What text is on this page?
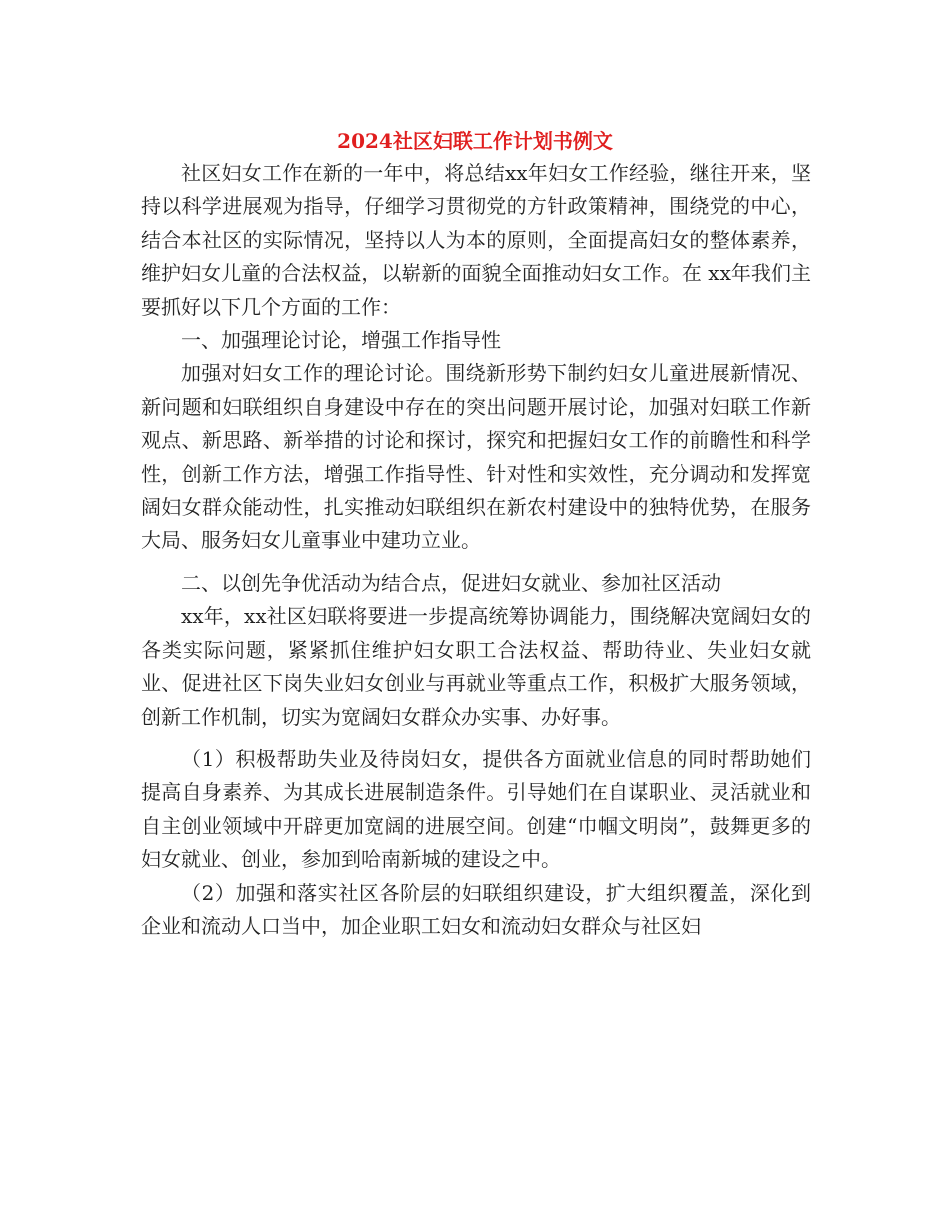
2024社区妇联工作计划书例文

社区妇女工作在新的一年中，将总结xx年妇女工作经验，继往开来，坚持以科学进展观为指导，仔细学习贯彻党的方针政策精神，围绕党的中心，结合本社区的实际情况，坚持以人为本的原则，全面提高妇女的整体素养，维护妇女儿童的合法权益，以崭新的面貌全面推动妇女工作。在 xx年我们主要抓好以下几个方面的工作：

一、加强理论讨论，增强工作指导性

加强对妇女工作的理论讨论。围绕新形势下制约妇女儿童进展新情况、新问题和妇联组织自身建设中存在的突出问题开展讨论，加强对妇联工作新观点、新思路、新举措的讨论和探讨，探究和把握妇女工作的前瞻性和科学性，创新工作方法，增强工作指导性、针对性和实效性，充分调动和发挥宽阔妇女群众能动性，扎实推动妇联组织在新农村建设中的独特优势，在服务大局、服务妇女儿童事业中建功立业。

二、以创先争优活动为结合点，促进妇女就业、参加社区活动

xx年，xx社区妇联将要进一步提高统筹协调能力，围绕解决宽阔妇女的各类实际问题，紧紧抓住维护妇女职工合法权益、帮助待业、失业妇女就业、促进社区下岗失业妇女创业与再就业等重点工作，积极扩大服务领域，创新工作机制，切实为宽阔妇女群众办实事、办好事。

（1）积极帮助失业及待岗妇女，提供各方面就业信息的同时帮助她们提高自身素养、为其成长进展制造条件。引导她们在自谋职业、灵活就业和自主创业领域中开辟更加宽阔的进展空间。创建“巾帼文明岗”，鼓舞更多的妇女就业、创业，参加到哈南新城的建设之中。

（2）加强和落实社区各阶层的妇联组织建设，扩大组织覆盖，深化到企业和流动人口当中，加企业职工妇女和流动妇女群众与社区妇
